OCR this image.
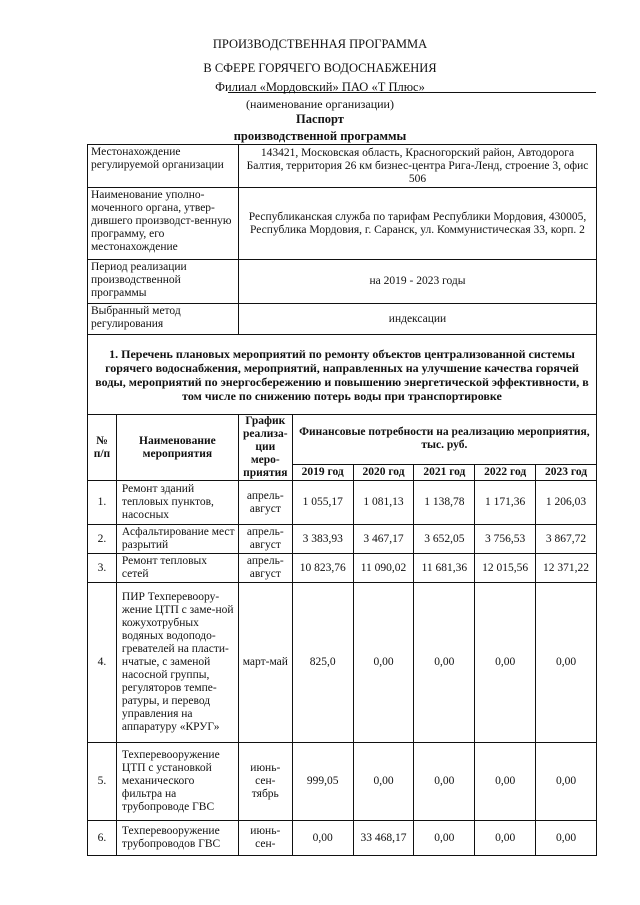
ПРОИЗВОДСТВЕННАЯ ПРОГРАММА
В СФЕРЕ ГОРЯЧЕГО ВОДОСНАБЖЕНИЯ
Филиал «Мордовский» ПАО «Т Плюс»
(наименование организации)
Паспорт
производственной программы
Местонахождение регулируемой организации	143421, Московская область, Красногорский район, Автодорога Балтия, территория 26 км бизнес-центра Рига-Ленд, строение 3, офис 506
Наименование уполно-моченного органа, утвер-дившего производст-венную программу, его местонахождение	Республиканская служба по тарифам Республики Мордовия, 430005, Республика Мордовия, г. Саранск, ул. Коммунистическая 33, корп. 2
Период реализации производственной программы	на 2019 - 2023 годы
Выбранный метод регулирования	индексации
1. Перечень плановых мероприятий по ремонту объектов централизованной системы горячего водоснабжения, мероприятий, направленных на улучшение качества горячей воды, мероприятий по энергосбережению и повышению энергетической эффективности, в том числе по снижению потерь воды при транспортировке							
№ п/п	Наименование мероприятия	График реализа-ции меро-приятия	Финансовые потребности на реализацию мероприятия, тыс. руб.				
			2019 год	2020 год	2021 год	2022 год	2023 год
1.	Ремонт зданий тепловых пунктов, насосных	апрель-август	1 055,17	1 081,13	1 138,78	1 171,36	1 206,03
2.	Асфальтирование мест разрытий	апрель-август	3 383,93	3 467,17	3 652,05	3 756,53	3 867,72
3.	Ремонт тепловых сетей	апрель-август	10 823,76	11 090,02	11 681,36	12 015,56	12 371,22
4.	ПИР Техперевоору-жение ЦТП с заме-ной кожухотрубных водяных водоподо-гревателей на пласти-нчатые, с заменой насосной группы, регуляторов темпе-ратуры, и перевод управления на аппаратуру «КРУГ»	март-май	825,0	0,00	0,00	0,00	0,00
5.	Техперевооружение ЦТП с установкой механического фильтра на трубопроводе ГВС	июнь-сен-тябрь	999,05	0,00	0,00	0,00	0,00
6.	Техперевооружение трубопроводов ГВС	июнь-сен-	0,00	33 468,17	0,00	0,00	0,00
